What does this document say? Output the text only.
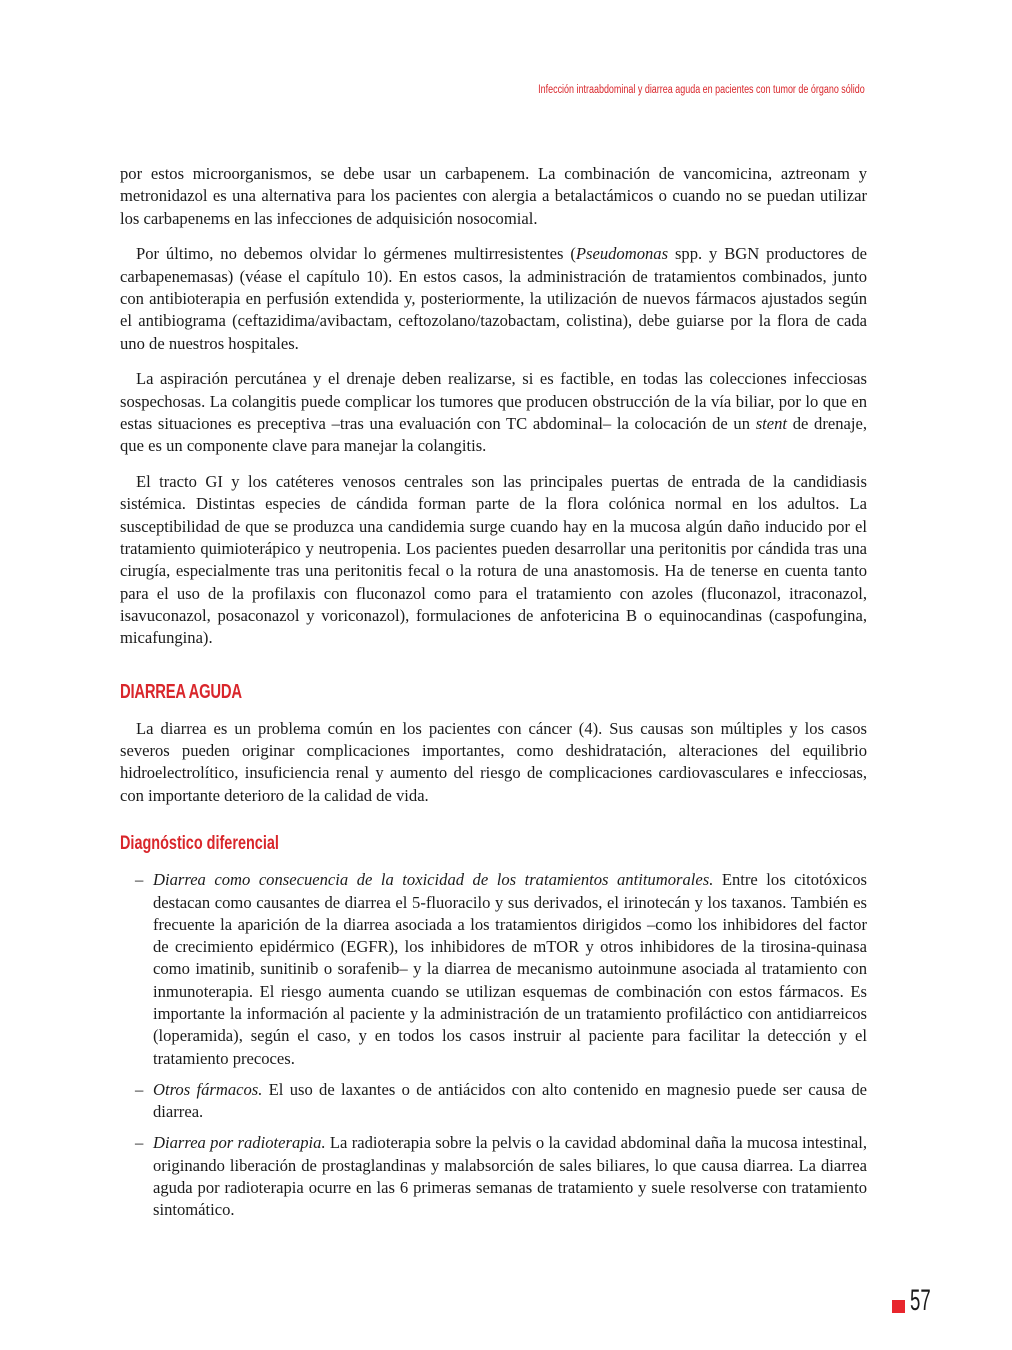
Infección intraabdominal y diarrea aguda en pacientes con tumor de órgano sólido

por estos microorganismos, se debe usar un carbapenem. La combinación de vancomicina, aztreonam y metronidazol es una alternativa para los pacientes con alergia a betalactámicos o cuando no se puedan utilizar los carbapenems en las infecciones de adquisición nosocomial.

Por último, no debemos olvidar lo gérmenes multirresistentes (Pseudomonas spp. y BGN productores de carbapenemasas) (véase el capítulo 10). En estos casos, la administración de tratamientos combinados, junto con antibioterapia en perfusión extendida y, posteriormente, la utilización de nuevos fármacos ajustados según el antibiograma (ceftazidima/avibactam, ceftozolano/tazobactam, colistina), debe guiarse por la flora de cada uno de nuestros hospitales.

La aspiración percutánea y el drenaje deben realizarse, si es factible, en todas las colecciones infecciosas sospechosas. La colangitis puede complicar los tumores que producen obstrucción de la vía biliar, por lo que en estas situaciones es preceptiva –tras una evaluación con TC abdominal– la colocación de un stent de drenaje, que es un componente clave para manejar la colangitis.

El tracto GI y los catéteres venosos centrales son las principales puertas de entrada de la candidiasis sistémica. Distintas especies de cándida forman parte de la flora colónica normal en los adultos. La susceptibilidad de que se produzca una candidemia surge cuando hay en la mucosa algún daño inducido por el tratamiento quimioterápico y neutropenia. Los pacientes pueden desarrollar una peritonitis por cándida tras una cirugía, especialmente tras una peritonitis fecal o la rotura de una anastomosis. Ha de tenerse en cuenta tanto para el uso de la profilaxis con fluconazol como para el tratamiento con azoles (fluconazol, itraconazol, isavuconazol, posaconazol y voriconazol), formulaciones de anfotericina B o equinocandinas (caspofungina, micafungina).

DIARREA AGUDA

La diarrea es un problema común en los pacientes con cáncer (4). Sus causas son múltiples y los casos severos pueden originar complicaciones importantes, como deshidratación, alteraciones del equilibrio hidroelectrolítico, insuficiencia renal y aumento del riesgo de complicaciones cardiovasculares e infecciosas, con importante deterioro de la calidad de vida.

Diagnóstico diferencial
– Diarrea como consecuencia de la toxicidad de los tratamientos antitumorales. Entre los citotóxicos destacan como causantes de diarrea el 5-fluoracilo y sus derivados, el irinotecán y los taxanos. También es frecuente la aparición de la diarrea asociada a los tratamientos dirigidos –como los inhibidores del factor de crecimiento epidérmico (EGFR), los inhibidores de mTOR y otros inhibidores de la tirosina-quinasa como imatinib, sunitinib o sorafenib– y la diarrea de mecanismo autoinmune asociada al tratamiento con inmunoterapia. El riesgo aumenta cuando se utilizan esquemas de combinación con estos fármacos. Es importante la información al paciente y la administración de un tratamiento profiláctico con antidiarreicos (loperamida), según el caso, y en todos los casos instruir al paciente para facilitar la detección y el tratamiento precoces.
– Otros fármacos. El uso de laxantes o de antiácidos con alto contenido en magnesio puede ser causa de diarrea.
– Diarrea por radioterapia. La radioterapia sobre la pelvis o la cavidad abdominal daña la mucosa intestinal, originando liberación de prostaglandinas y malabsorción de sales biliares, lo que causa diarrea. La diarrea aguda por radioterapia ocurre en las 6 primeras semanas de tratamiento y suele resolverse con tratamiento sintomático.
57
